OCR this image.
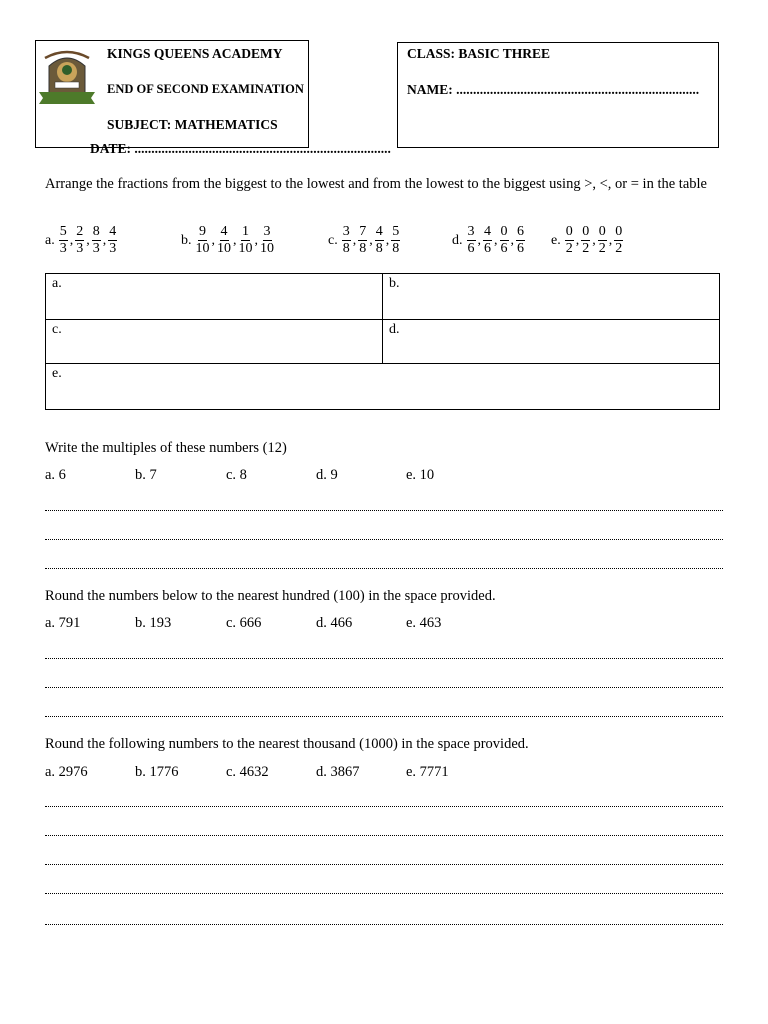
KINGS QUEENS ACADEMY
END OF SECOND EXAMINATION
SUBJECT: MATHEMATICS
DATE: ............................................................................
CLASS: BASIC THREE
NAME: ........................................................................
Arrange the fractions from the biggest to the lowest and from the lowest to the biggest using >, <, or = in the table
a. $\frac{5}{3}$ , $\frac{2}{3}$ , $\frac{8}{3}$ , $\frac{4}{3}$	b. $\frac{9}{10}$ , $\frac{4}{10}$ , $\frac{1}{10}$ , $\frac{3}{10}$	c. $\frac{3}{8}$ , $\frac{7}{8}$ , $\frac{4}{8}$ , $\frac{5}{8}$	d. $\frac{3}{6}$ , $\frac{4}{6}$ , $\frac{0}{6}$ , $\frac{6}{6} e$. $\frac{0}{2}$ , $\frac{0}{2}$ , $\frac{0}{2}$ , $\frac{0}{2}$
a.	b.
c.	d.
e.	
Write the multiples of these numbers (12)
a. 6	b. 7	c. 8	d. 9	e. 10
Round the numbers below to the nearest hundred (100) in the space provided.
a. 791	b. 193	c. 666	d. 466	e. 463
Round the following numbers to the nearest thousand (1000) in the space provided.
a. 2976	b. 1776	c. 4632	d. 3867	e. 7771
